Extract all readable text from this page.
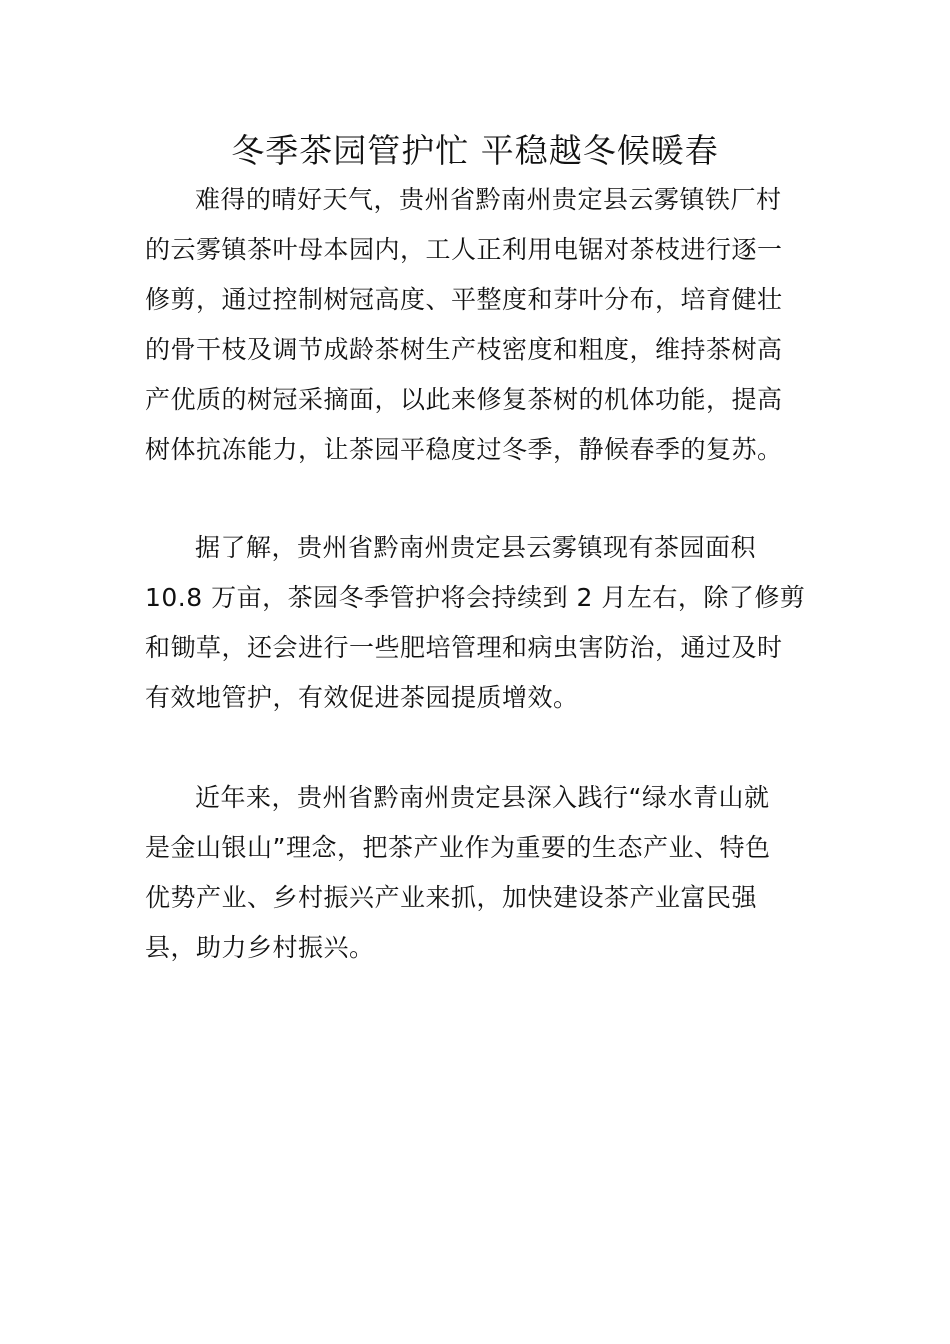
冬季茶园管护忙 平稳越冬候暖春
难得的晴好天气，贵州省黔南州贵定县云雾镇铁厂村
的云雾镇茶叶母本园内，工人正利用电锯对茶枝进行逐一
修剪，通过控制树冠高度、平整度和芽叶分布，培育健壮
的骨干枝及调节成龄茶树生产枝密度和粗度，维持茶树高
产优质的树冠采摘面，以此来修复茶树的机体功能，提高
树体抗冻能力，让茶园平稳度过冬季，静候春季的复苏。
据了解，贵州省黔南州贵定县云雾镇现有茶园面积
10.8 万亩，茶园冬季管护将会持续到 2 月左右，除了修剪
和锄草，还会进行一些肥培管理和病虫害防治，通过及时
有效地管护，有效促进茶园提质增效。
近年来，贵州省黔南州贵定县深入践行“绿水青山就
是金山银山”理念，把茶产业作为重要的生态产业、特色
优势产业、乡村振兴产业来抓，加快建设茶产业富民强
县，助力乡村振兴。
